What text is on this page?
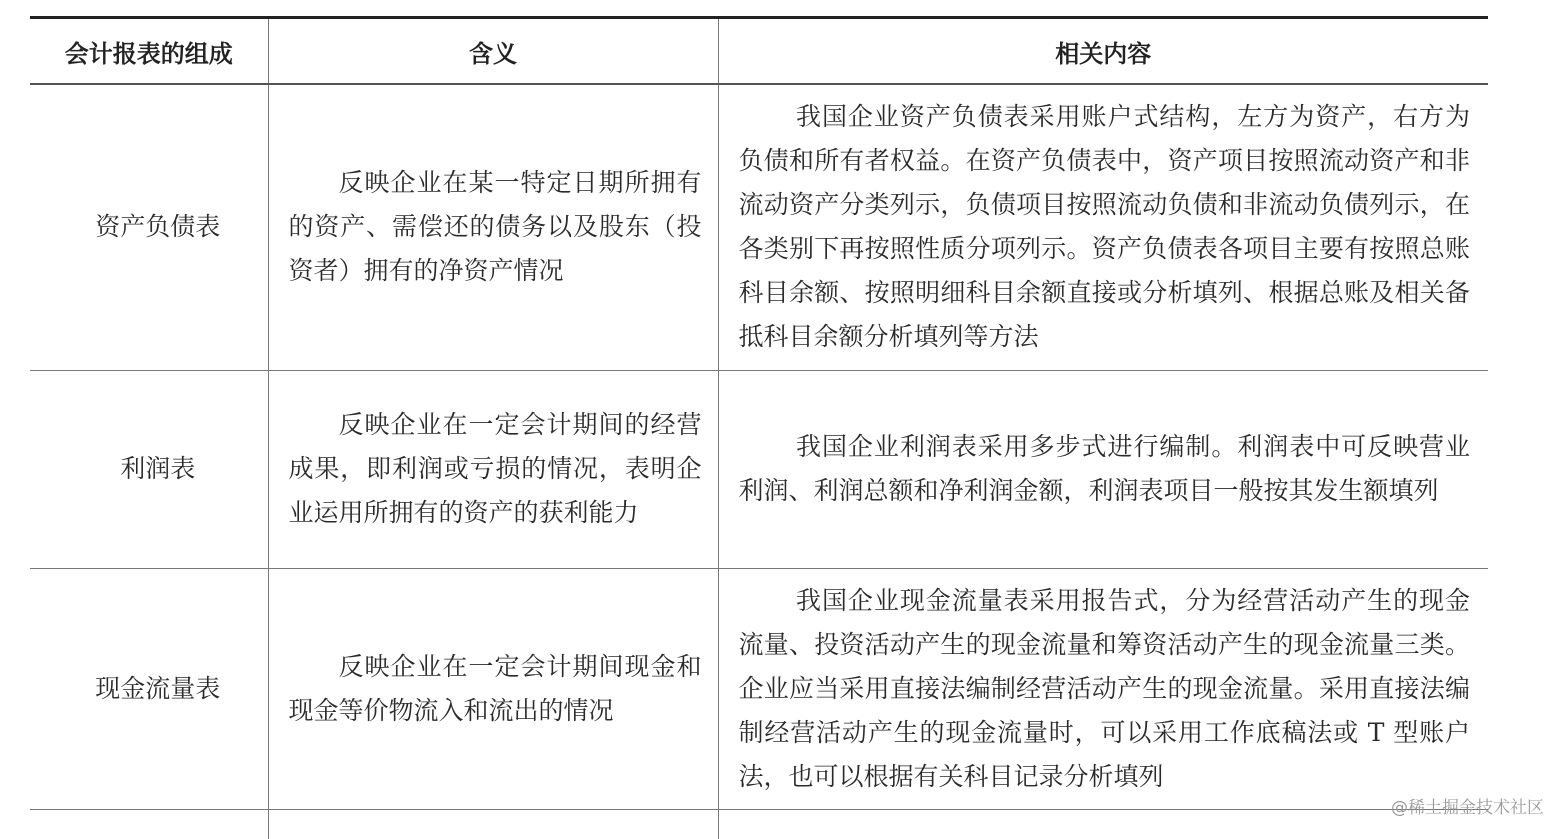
会计报表的组成	含义	相关内容
资产负债表	反映企业在某一特定日期所拥有的资产、需偿还的债务以及股东（投资者）拥有的净资产情况	我国企业资产负债表采用账户式结构，左方为资产，右方为负债和所有者权益。在资产负债表中，资产项目按照流动资产和非流动资产分类列示，负债项目按照流动负债和非流动负债列示，在各类别下再按照性质分项列示。资产负债表各项目主要有按照总账科目余额、按照明细科目余额直接或分析填列、根据总账及相关备抵科目余额分析填列等方法
利润表	反映企业在一定会计期间的经营成果，即利润或亏损的情况，表明企业运用所拥有的资产的获利能力	我国企业利润表采用多步式进行编制。利润表中可反映营业利润、利润总额和净利润金额，利润表项目一般按其发生额填列
现金流量表	反映企业在一定会计期间现金和现金等价物流入和流出的情况	我国企业现金流量表采用报告式，分为经营活动产生的现金流量、投资活动产生的现金流量和筹资活动产生的现金流量三类。企业应当采用直接法编制经营活动产生的现金流量。采用直接法编制经营活动产生的现金流量时，可以采用工作底稿法或 T 型账户法，也可以根据有关科目记录分析填列

@稀土掘金技术社区
